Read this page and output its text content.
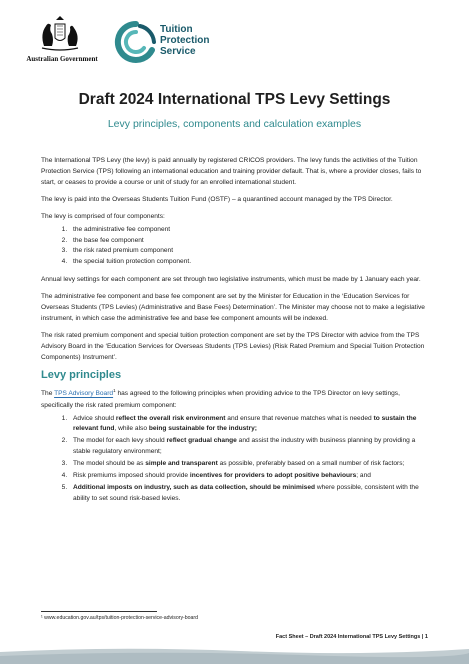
Australian Government
Tuition
Protection
Service
Draft 2024 International TPS Levy Settings
Levy principles, components and calculation examples

The International TPS Levy (the levy) is paid annually by registered CRICOS providers. The levy funds the activities of the Tuition Protection Service (TPS) following an international education and training provider default. That is, where a provider closes, fails to start, or ceases to provide a course or unit of study for an enrolled international student.

The levy is paid into the Overseas Students Tuition Fund (OSTF) – a quarantined account managed by the TPS Director.

The levy is comprised of four components:

1. the administrative fee component
2. the base fee component
3. the risk rated premium component
4. the special tuition protection component.

Annual levy settings for each component are set through two legislative instruments, which must be made by 1 January each year.

The administrative fee component and base fee component are set by the Minister for Education in the ‘Education Services for Overseas Students (TPS Levies) (Administrative and Base Fees) Determination’. The Minister may choose not to make a legislative instrument, in which case the administrative fee and base fee component amounts will be indexed.

The risk rated premium component and special tuition protection component are set by the TPS Director with advice from the TPS Advisory Board in the ‘Education Services for Overseas Students (TPS Levies) (Risk Rated Premium and Special Tuition Protection Components) Instrument’.

Levy principles

The TPS Advisory Board$^1$ has agreed to the following principles when providing advice to the TPS Director on levy settings, specifically the risk rated premium component:

1. Advice should reflect the overall risk environment and ensure that revenue matches what is needed to sustain the relevant fund, while also being sustainable for the industry;
2. The model for each levy should reflect gradual change and assist the industry with business planning by providing a stable regulatory environment;
3. The model should be as simple and transparent as possible, preferably based on a small number of risk factors;
4. Risk premiums imposed should provide incentives for providers to adopt positive behaviours; and
5. Additional imposts on industry, such as data collection, should be minimised where possible, consistent with the ability to set sound risk-based levies.
¹ www.education.gov.au/tps/tuition-protection-service-advisory-board
Fact Sheet – Draft 2024 International TPS Levy Settings | 1
